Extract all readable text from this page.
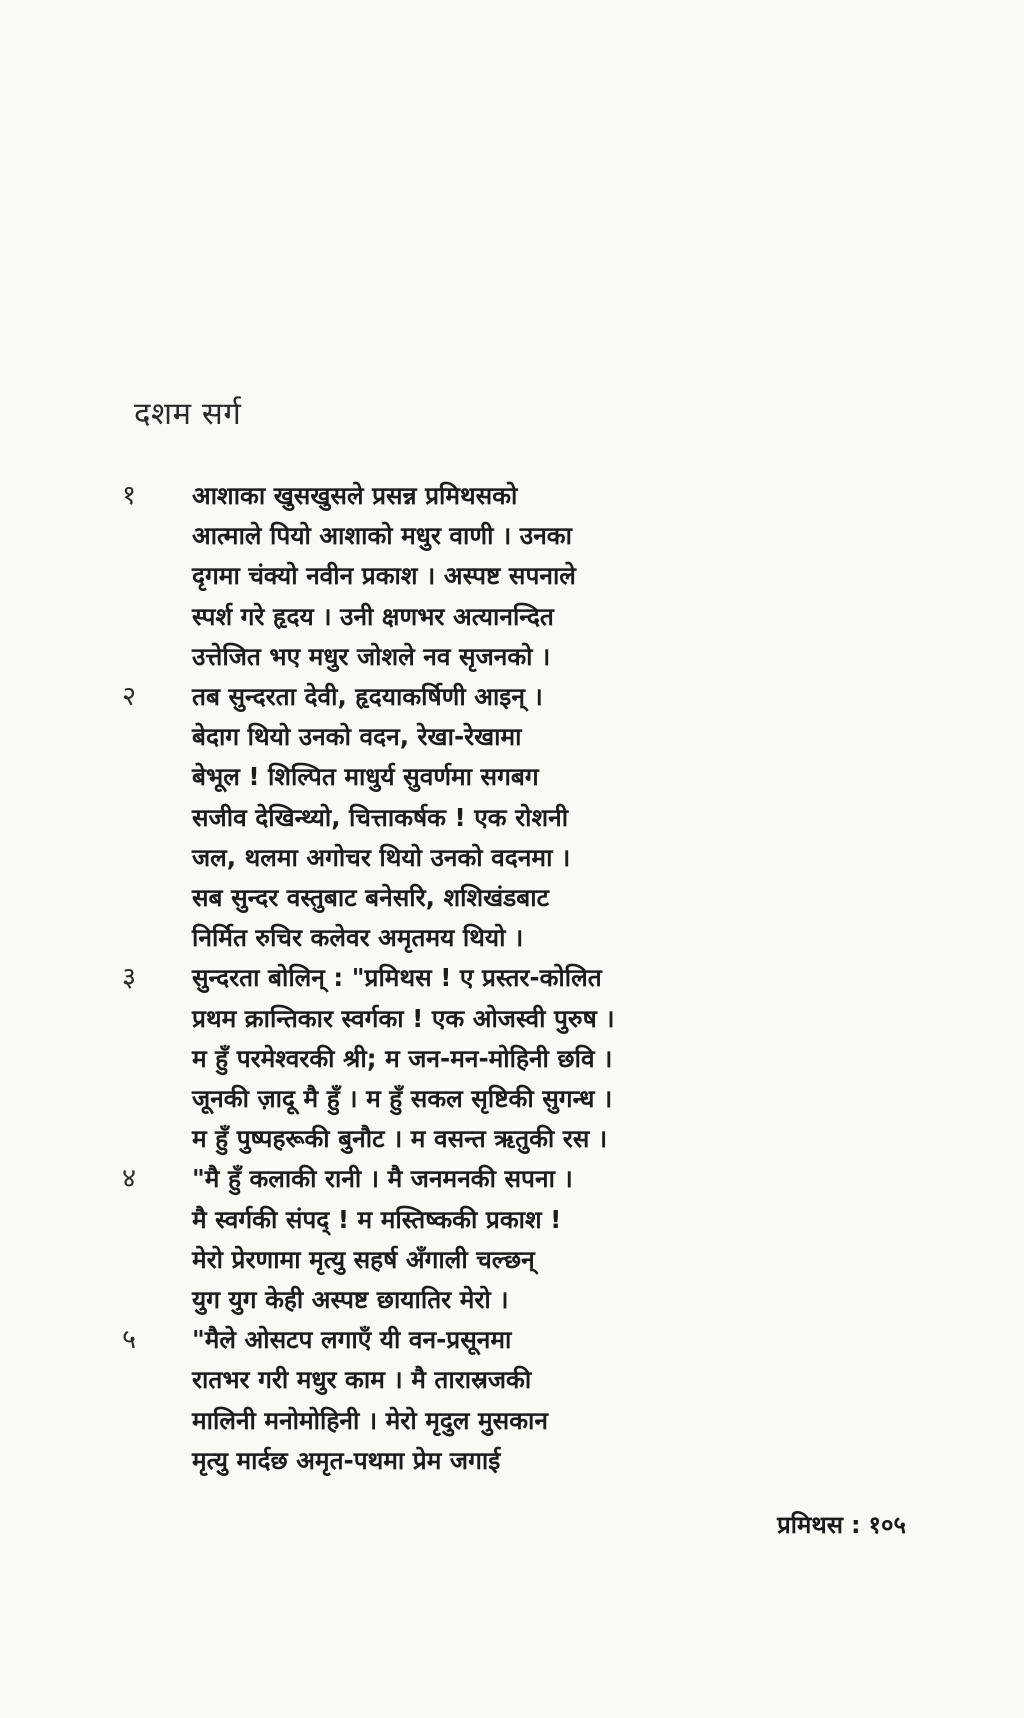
दशम सर्ग
१ आशाका खुसखुसले प्रसन्न प्रमिथसको
आत्माले पियो आशाको मधुर वाणी । उनका
दृगमा चंक्यो नवीन प्रकाश । अस्पष्ट सपनाले
स्पर्श गरे हृदय । उनी क्षणभर अत्यानन्दित
उत्तेजित भए मधुर जोशले नव सृजनको ।
२ तब सुन्दरता देवी, हृदयाकर्षिणी आइन् ।
बेदाग थियो उनको वदन, रेखा-रेखामा
बेभूल ! शिल्पित माधुर्य सुवर्णमा सगबग
सजीव देखिन्थ्यो, चित्ताकर्षक ! एक रोशनी
जल, थलमा अगोचर थियो उनको वदनमा ।
सब सुन्दर वस्तुबाट बनेसरि, शशिखंडबाट
निर्मित रुचिर कलेवर अमृतमय थियो ।
३ सुन्दरता बोलिन् : "प्रमिथस ! ए प्रस्तर-कोलित
प्रथम क्रान्तिकार स्वर्गका ! एक ओजस्वी पुरुष ।
म हुँ परमेश्वरकी श्री; म जन-मन-मोहिनी छवि ।
जूनकी ज़ादू मै हुँ । म हुँ सकल सृष्टिकी सुगन्ध ।
म हुँ पुष्पहरूकी बुनौट । म वसन्त ऋतुकी रस ।
४ "मै हुँ कलाकी रानी । मै जनमनकी सपना ।
मै स्वर्गकी संपद् ! म मस्तिष्ककी प्रकाश !
मेरो प्रेरणामा मृत्यु सहर्ष अँगाली चल्छन्
युग युग केही अस्पष्ट छायातिर मेरो ।
५ "मैले ओसटप लगाएँ यी वन-प्रसूनमा
रातभर गरी मधुर काम । मै तारास्रजकी
मालिनी मनोमोहिनी । मेरो मृदुल मुसकान
मृत्यु मार्दछ अमृत-पथमा प्रेम जगाई
प्रमिथस : १०५
